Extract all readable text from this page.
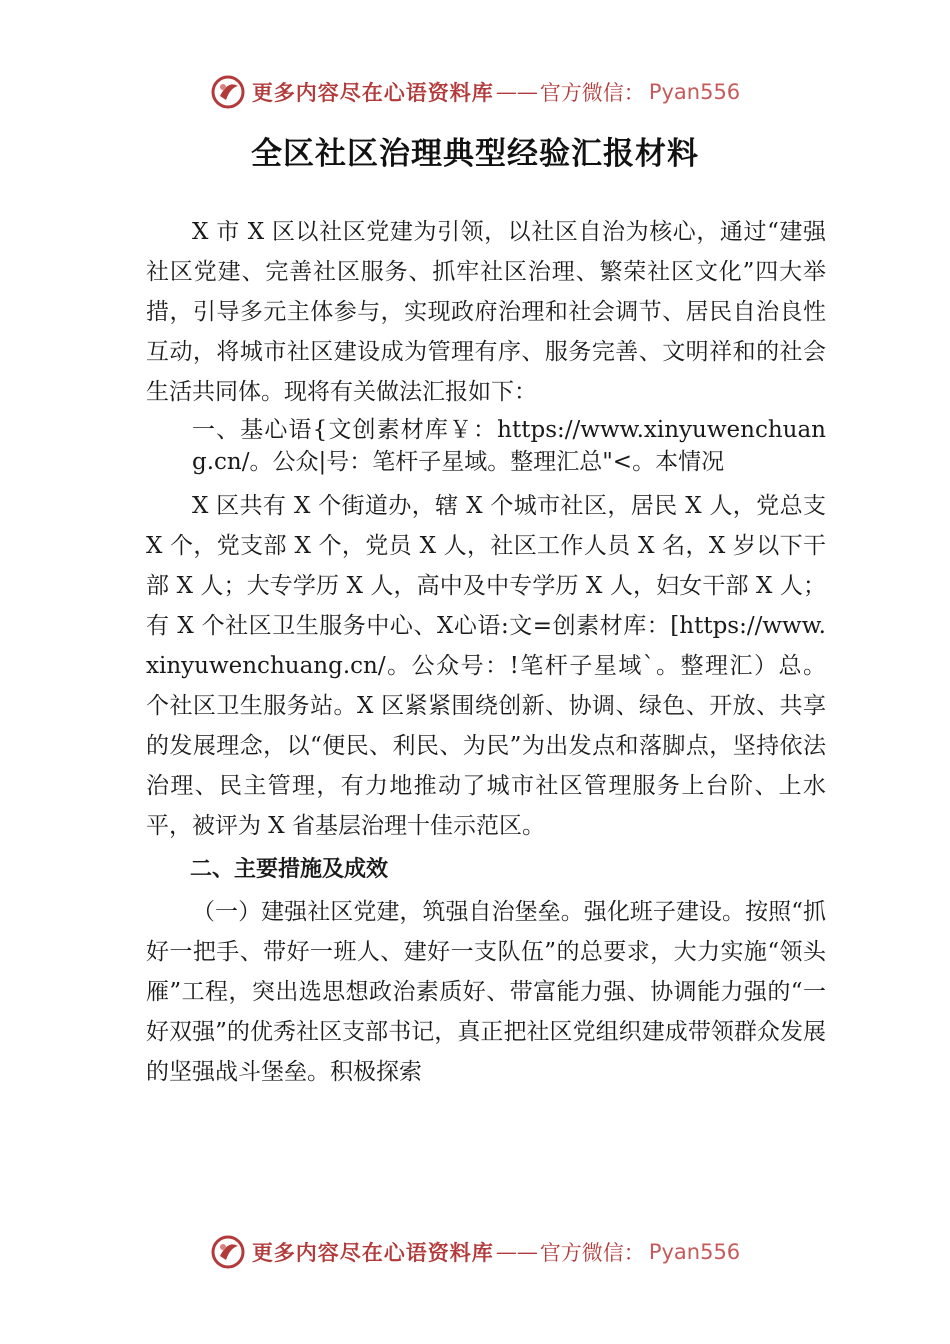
更多内容尽在心语资料库 —— 官方微信： Pyan556
全区社区治理典型经验汇报材料

X 市 X 区以社区党建为引领，以社区自治为核心，通过“建强社区党建、完善社区服务、抓牢社区治理、繁荣社区文化”四大举措，引导多元主体参与，实现政府治理和社会调节、居民自治良性互动，将城市社区建设成为管理有序、服务完善、文明祥和的社会生活共同体。现将有关做法汇报如下：

一、基心语{文创素材库￥：https://www.xinyuwenchuang.cn/。公众|号：笔杆子星域。整理汇总"<。本情况

X 区共有 X 个街道办，辖 X 个城市社区，居民 X 人，党总支 X 个，党支部 X 个，党员 X 人，社区工作人员 X 名，X 岁以下干部 X 人；大专学历 X 人，高中及中专学历 X 人，妇女干部 X 人；有 X 个社区卫生服务中心、X心语:文=创素材库：[https://www.xinyuwenchuang.cn/。公众号：!笔杆子星域`。整理汇）总。 个社区卫生服务站。X 区紧紧围绕创新、协调、绿色、开放、共享的发展理念，以“便民、利民、为民”为出发点和落脚点，坚持依法治理、民主管理，有力地推动了城市社区管理服务上台阶、上水平，被评为 X 省基层治理十佳示范区。

二、主要措施及成效

（一）建强社区党建，筑强自治堡垒。强化班子建设。按照“抓好一把手、带好一班人、建好一支队伍”的总要求，大力实施“领头雁”工程，突出选思想政治素质好、带富能力强、协调能力强的“一好双强”的优秀社区支部书记，真正把社区党组织建成带领群众发展的坚强战斗堡垒。积极探索

更多内容尽在心语资料库 —— 官方微信： Pyan556
